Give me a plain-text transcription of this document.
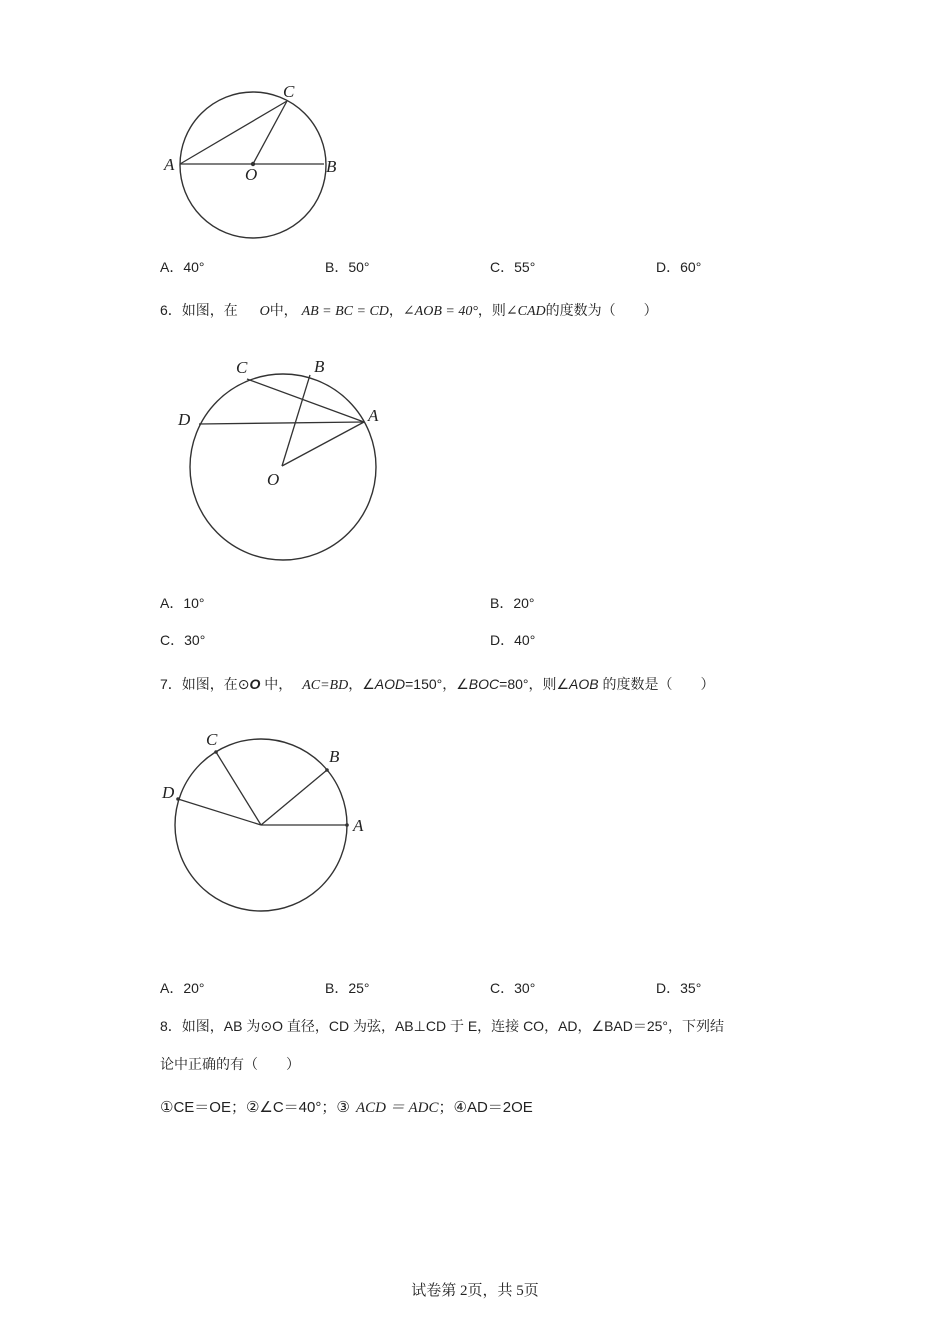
A	B
C
O
A．40°	B．50°	C．55°	D．60°
6．如图，在 O中， AB = BC = CD，∠AOB = 40°，则∠CAD的度数为（　　）
C	B
A
D
O
A．10°	B．20°
C．30°	D．40°
7．如图，在⊙O 中， AC=BD，∠AOD=150°，∠BOC=80°，则∠AOB 的度数是（　　）
A
B
C
D
A．20°	B．25°	C．30°	D．35°
8．如图，AB 为⊙O 直径，CD 为弦，AB⊥CD 于 E，连接 CO，AD，∠BAD＝25°，下列结
论中正确的有（　　）
①CE＝OE；②∠C＝40°；③ ACD ＝ ADC；④AD＝2OE
试卷第 2页，共 5页
